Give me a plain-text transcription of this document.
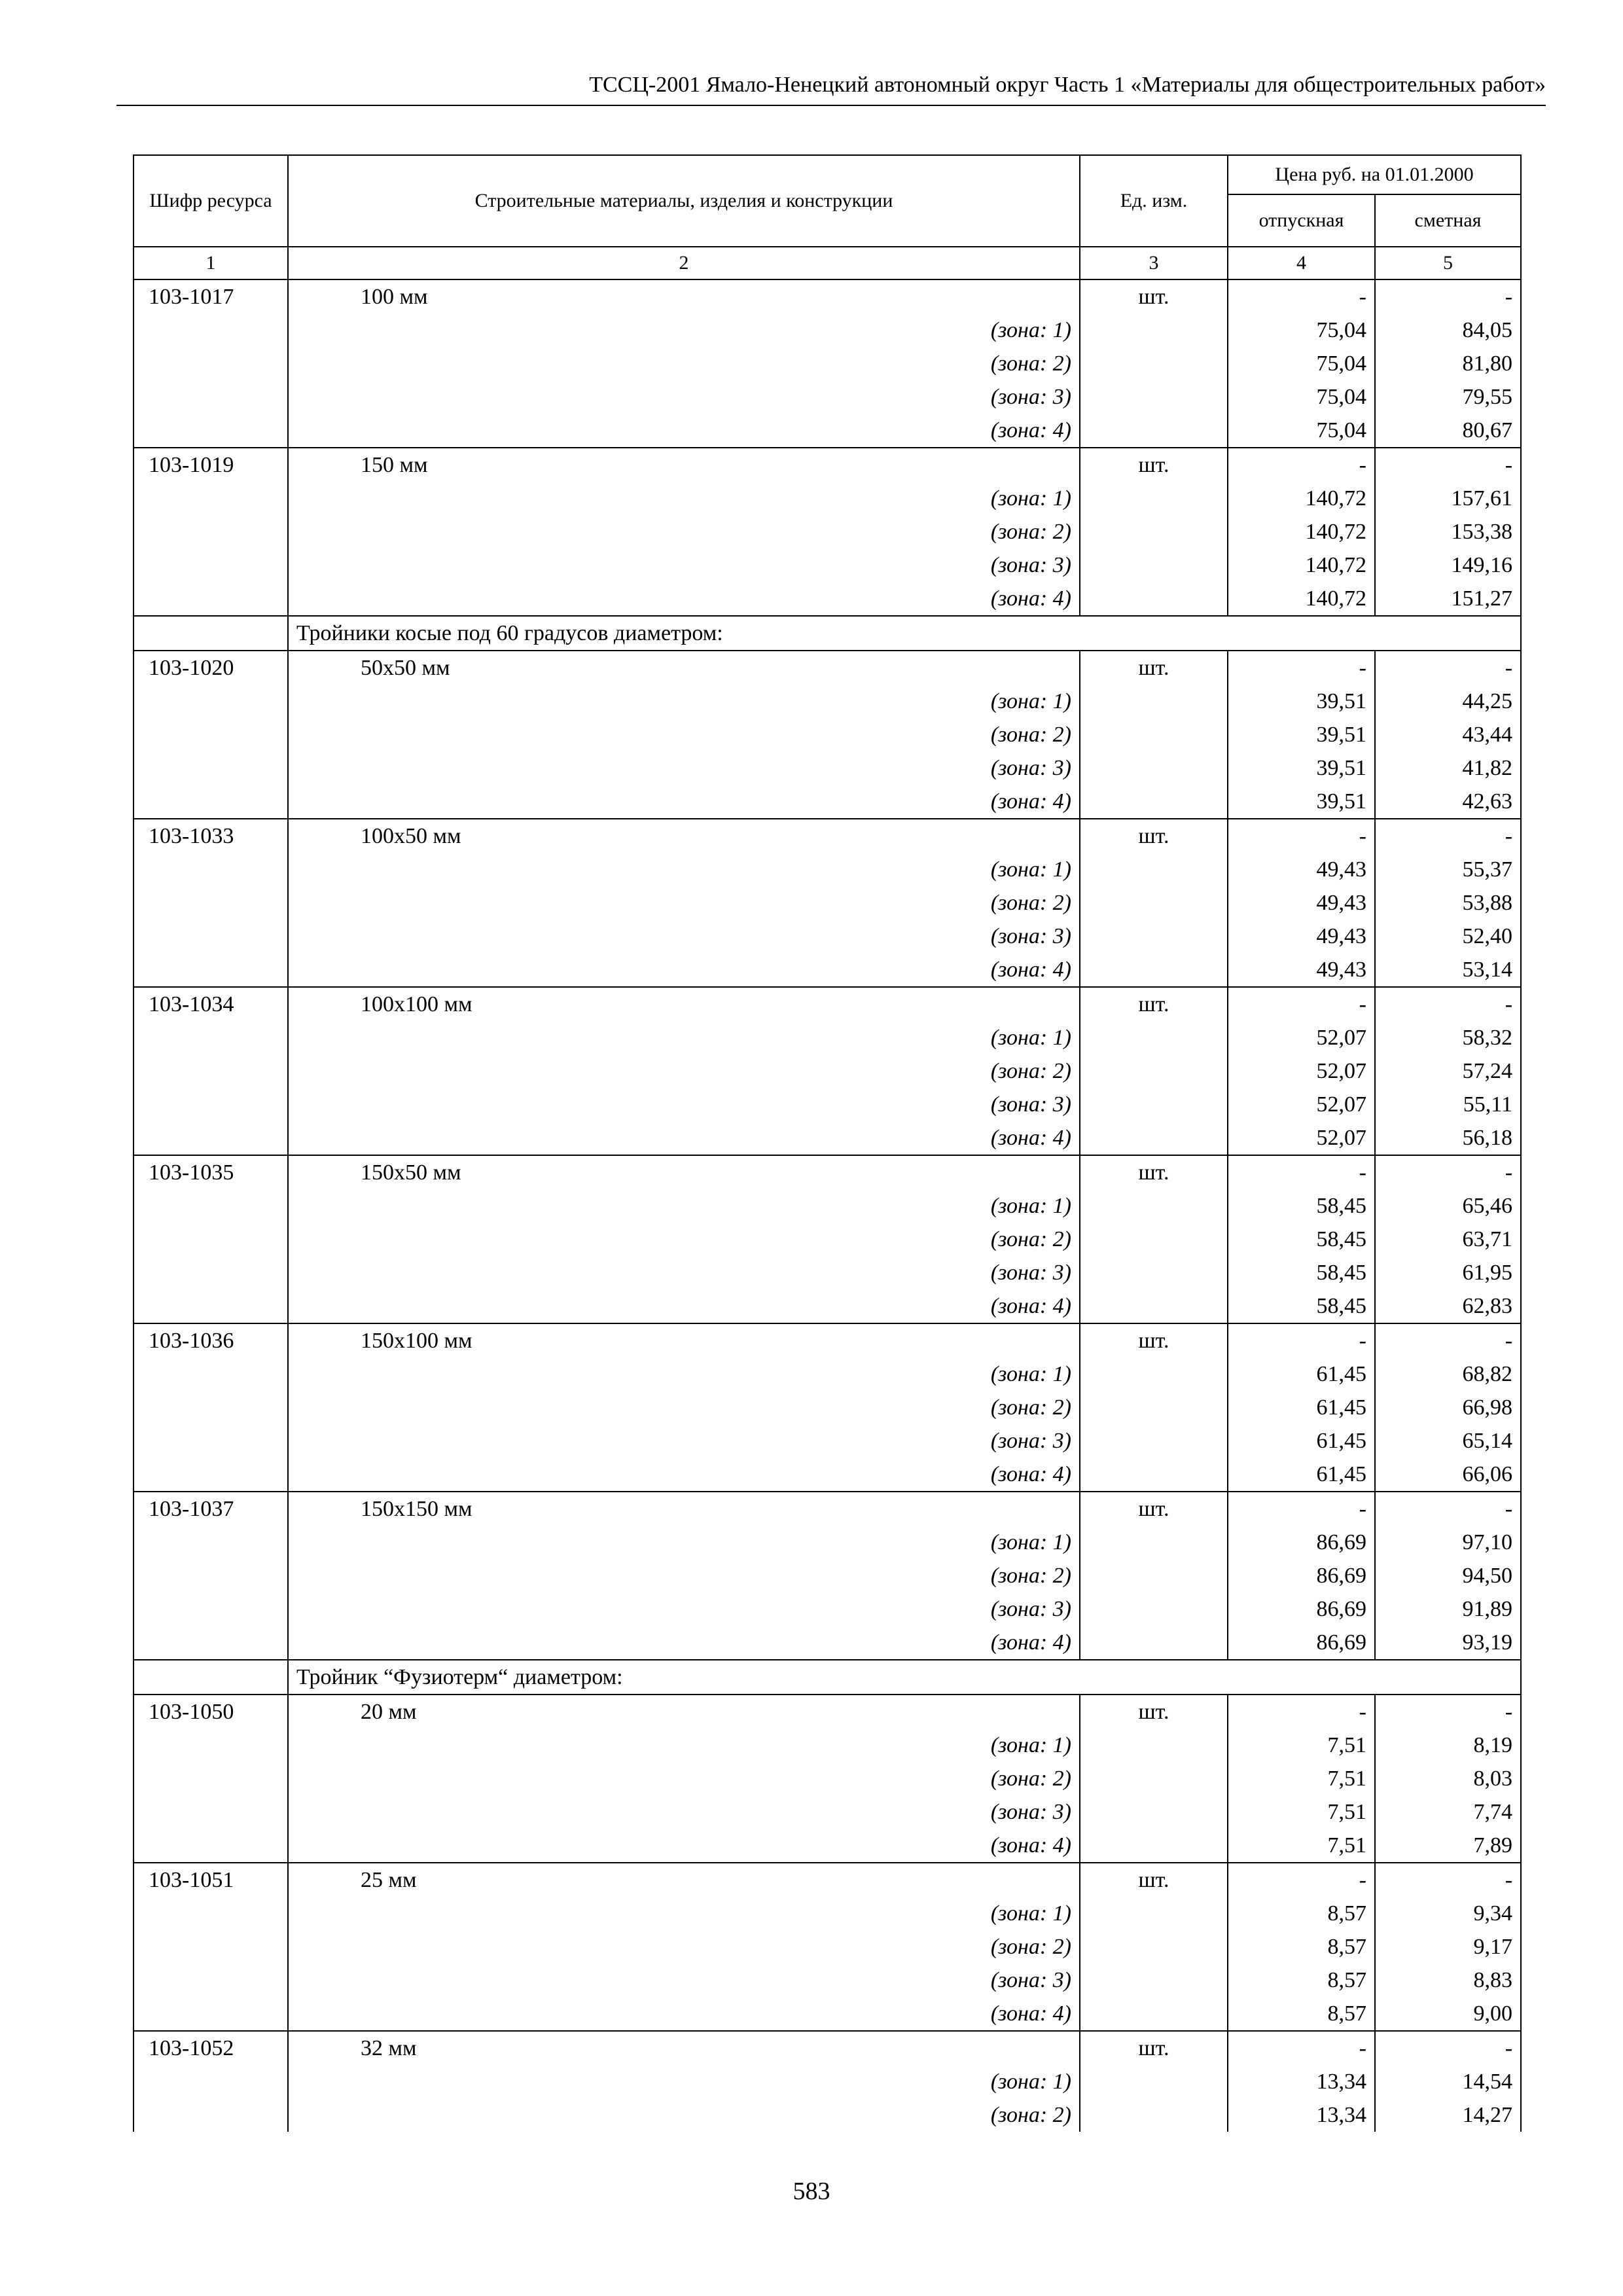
ТССЦ-2001 Ямало-Ненецкий автономный округ Часть 1 «Материалы для общестроительных работ»
Шифр ресурса	Строительные материалы, изделия и конструкции	Ед. изм.	Цена руб. на 01.01.2000	
			отпускная	сметная
1	2	3	4	5
103-1017	100 мм	шт.	-	-
	(зона: 1)		75,04	84,05
	(зона: 2)		75,04	81,80
	(зона: 3)		75,04	79,55
	(зона: 4)		75,04	80,67
103-1019	150 мм	шт.	-	-
	(зона: 1)		140,72	157,61
	(зона: 2)		140,72	153,38
	(зона: 3)		140,72	149,16
	(зона: 4)		140,72	151,27
	Тройники косые под 60 градусов диаметром:			
103-1020	50x50 мм	шт.	-	-
	(зона: 1)		39,51	44,25
	(зона: 2)		39,51	43,44
	(зона: 3)		39,51	41,82
	(зона: 4)		39,51	42,63
103-1033	100x50 мм	шт.	-	-
	(зона: 1)		49,43	55,37
	(зона: 2)		49,43	53,88
	(зона: 3)		49,43	52,40
	(зона: 4)		49,43	53,14
103-1034	100x100 мм	шт.	-	-
	(зона: 1)		52,07	58,32
	(зона: 2)		52,07	57,24
	(зона: 3)		52,07	55,11
	(зона: 4)		52,07	56,18
103-1035	150x50 мм	шт.	-	-
	(зона: 1)		58,45	65,46
	(зона: 2)		58,45	63,71
	(зона: 3)		58,45	61,95
	(зона: 4)		58,45	62,83
103-1036	150x100 мм	шт.	-	-
	(зона: 1)		61,45	68,82
	(зона: 2)		61,45	66,98
	(зона: 3)		61,45	65,14
	(зона: 4)		61,45	66,06
103-1037	150x150 мм	шт.	-	-
	(зона: 1)		86,69	97,10
	(зона: 2)		86,69	94,50
	(зона: 3)		86,69	91,89
	(зона: 4)		86,69	93,19
	Тройник “Фузиотерм“ диаметром:			
103-1050	20 мм	шт.	-	-
	(зона: 1)		7,51	8,19
	(зона: 2)		7,51	8,03
	(зона: 3)		7,51	7,74
	(зона: 4)		7,51	7,89
103-1051	25 мм	шт.	-	-
	(зона: 1)		8,57	9,34
	(зона: 2)		8,57	9,17
	(зона: 3)		8,57	8,83
	(зона: 4)		8,57	9,00
103-1052	32 мм	шт.	-	-
	(зона: 1)		13,34	14,54
	(зона: 2)		13,34	14,27
583
